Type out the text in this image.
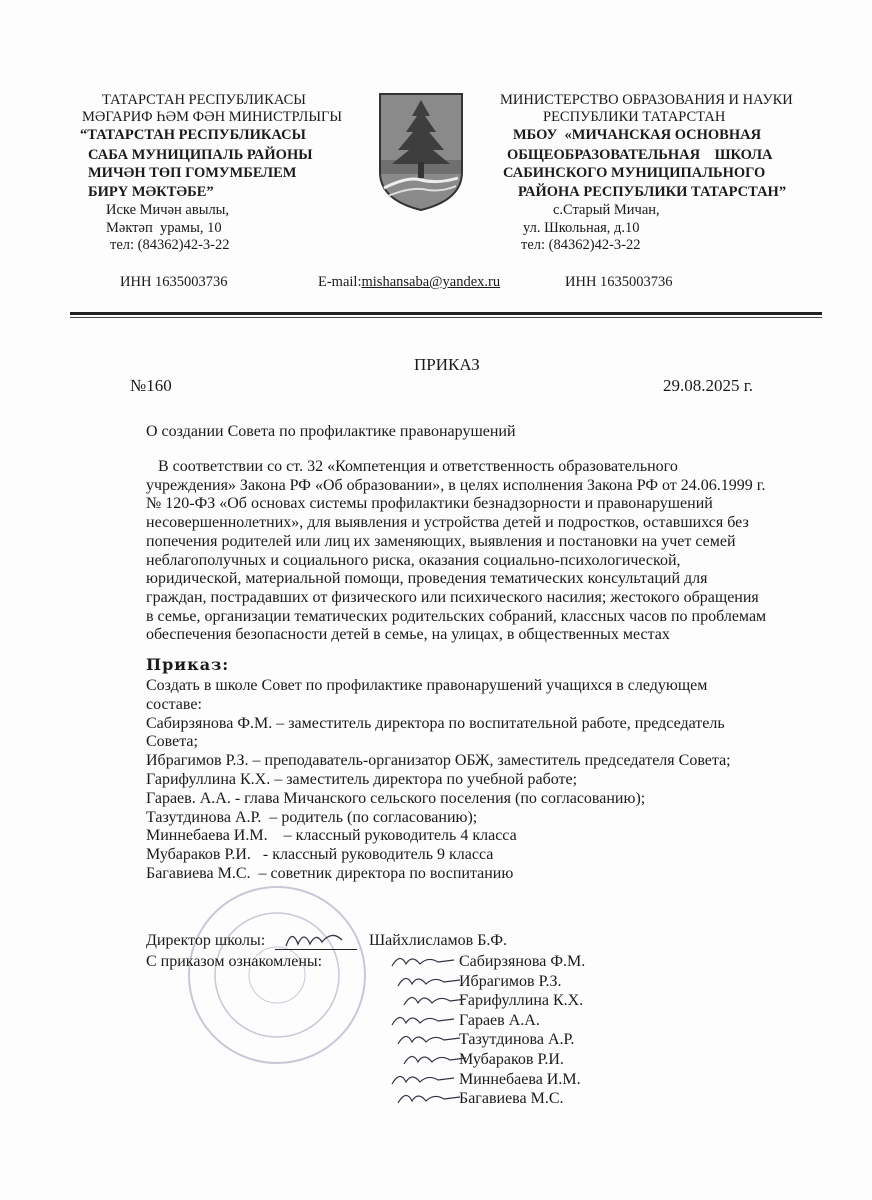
ТАТАРСТАН РЕСПУБЛИКАСЫ
МӘГАРИФ ҺӘМ ФӘН МИНИСТРЛЫГЫ
“ТАТАРСТАН РЕСПУБЛИКАСЫ
САБА МУНИЦИПАЛЬ РАЙОНЫ
МИЧӘН ТӨП ГОМУМБЕЛЕМ
БИРҮ МӘКТӘБЕ”
Иске Мичән авылы,
Мәктәп  урамы, 10
тел: (84362)42-3-22
МИНИСТЕРСТВО ОБРАЗОВАНИЯ И НАУКИ
РЕСПУБЛИКИ ТАТАРСТАН
МБОУ  «МИЧАНСКАЯ ОСНОВНАЯ
ОБЩЕОБРАЗОВАТЕЛЬНАЯ    ШКОЛА
САБИНСКОГО МУНИЦИПАЛЬНОГО
РАЙОНА РЕСПУБЛИКИ ТАТАРСТАН”
с.Старый Мичан,
ул. Школьная, д.10
тел: (84362)42-3-22
ИНН 1635003736	E-mail:mishansaba@yandex.ru	ИНН 1635003736
ПРИКАЗ
№160	29.08.2025 г.
О создании Совета по профилактике правонарушений
В соответствии со ст. 32 «Компетенция и ответственность образовательного
учреждения» Закона РФ «Об образовании», в целях исполнения Закона РФ от 24.06.1999 г.
№ 120-ФЗ «Об основах системы профилактики безнадзорности и правонарушений
несовершеннолетних», для выявления и устройства детей и подростков, оставшихся без
попечения родителей или лиц их заменяющих, выявления и постановки на учет семей
неблагополучных и социального риска, оказания социально-психологической,
юридической, материальной помощи, проведения тематических консультаций для
граждан, пострадавших от физического или психического насилия; жестокого обращения
в семье, организации тематических родительских собраний, классных часов по проблемам
обеспечения безопасности детей в семье, на улицах, в общественных местах
Приказ:
Создать в школе Совет по профилактике правонарушений учащихся в следующем
составе:
Сабирзянова Ф.М. – заместитель директора по воспитательной работе, председатель
Совета;
Ибрагимов Р.З. – преподаватель-организатор ОБЖ, заместитель председателя Совета;
Гарифуллина К.Х. – заместитель директора по учебной работе;
Гараев. А.А. - глава Мичанского сельского поселения (по согласованию);
Тазутдинова А.Р.  – родитель (по согласованию);
Миннебаева И.М.    – классный руководитель 4 класса
Мубараков Р.И.   - классный руководитель 9 класса
Багавиева М.С.  – советник директора по воспитанию
Директор школы:	Шайхлисламов Б.Ф.
С приказом ознакомлены:	Сабирзянова Ф.М.
Ибрагимов Р.З.
Гарифуллина К.Х.
Гараев А.А.
Тазутдинова А.Р.
Мубараков Р.И.
Миннебаева И.М.
Багавиева М.С.
